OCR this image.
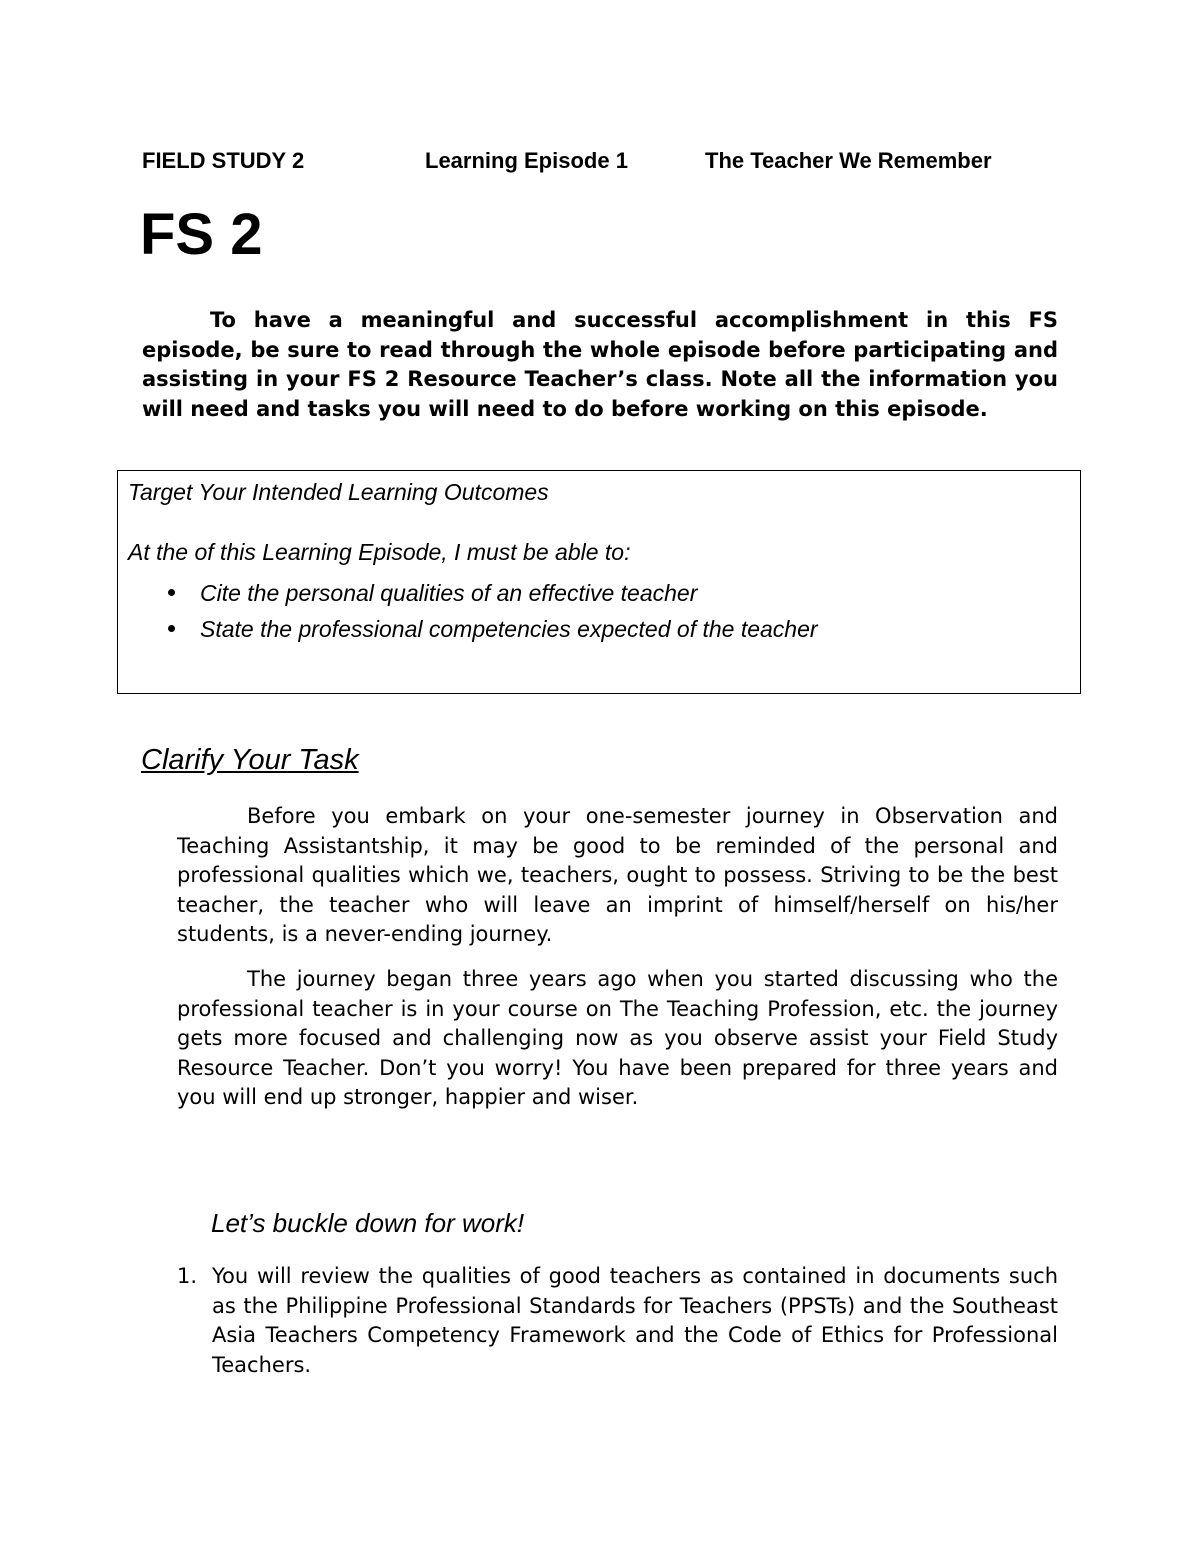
FIELD STUDY 2	Learning Episode 1	The Teacher We Remember
FS 2

To have a meaningful and successful accomplishment in this FS episode, be sure to read through the whole episode before participating and assisting in your FS 2 Resource Teacher’s class. Note all the information you will need and tasks you will need to do before working on this episode.

Target Your Intended Learning Outcomes
At the of this Learning Episode, I must be able to:
Cite the personal qualities of an effective teacher
State the professional competencies expected of the teacher
Clarify Your Task

Before you embark on your one-semester journey in Observation and Teaching Assistantship, it may be good to be reminded of the personal and professional qualities which we, teachers, ought to possess. Striving to be the best teacher, the teacher who will leave an imprint of himself/herself on his/her students, is a never-ending journey.

The journey began three years ago when you started discussing who the professional teacher is in your course on The Teaching Profession, etc. the journey gets more focused and challenging now as you observe assist your Field Study Resource Teacher. Don’t you worry! You have been prepared for three years and you will end up stronger, happier and wiser.

Let’s buckle down for work!
1. You will review the qualities of good teachers as contained in documents such as the Philippine Professional Standards for Teachers (PPSTs) and the Southeast Asia Teachers Competency Framework and the Code of Ethics for Professional Teachers.
